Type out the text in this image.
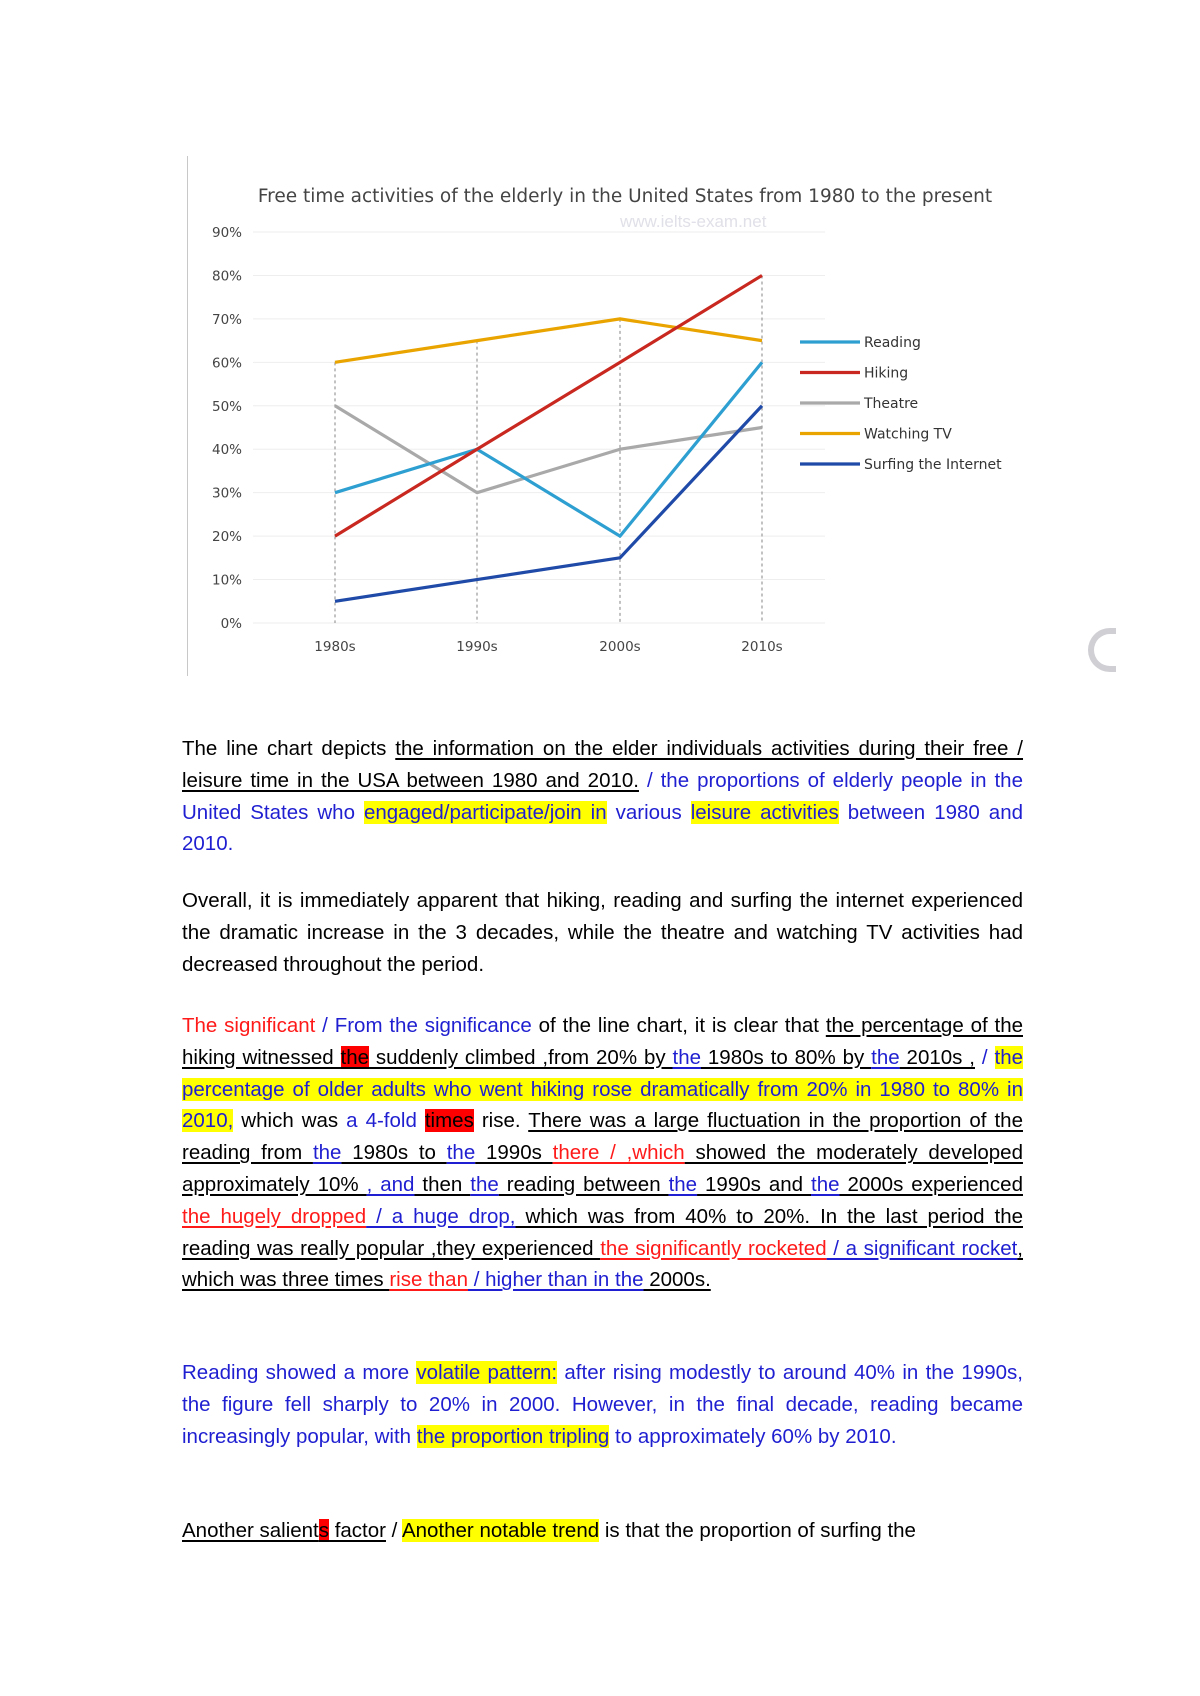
Free time activities of the elderly in the United States from 1980 to the present
90%
80%
70%
60%
50%
40%
30%
20%
10%
0%
1980s	1990s	2000s	2010s
Reading
Hiking
Theatre
Watching TV
Surfing the Internet
www.ielts-exam.net

The line chart depicts the information on the elder individuals activities during their free / leisure time in the USA between 1980 and 2010. / the proportions of elderly people in the United States who engaged/participate/join in various leisure activities between 1980 and 2010.

Overall, it is immediately apparent that hiking, reading and surfing the internet experienced the dramatic increase in the 3 decades, while the theatre and watching TV activities had decreased throughout the period.

The significant / From the significance of the line chart, it is clear that the percentage of the hiking witnessed the suddenly climbed ,from 20% by the 1980s to 80% by the 2010s , / the percentage of older adults who went hiking rose dramatically from 20% in 1980 to 80% in 2010, which was a 4-fold times rise. There was a large fluctuation in the proportion of the reading from the 1980s to the 1990s there / ,which showed the moderately developed approximately 10% , and then the reading between the 1990s and the 2000s experienced the hugely dropped / a huge drop, which was from 40% to 20%. In the last period the reading was really popular ,they experienced the significantly rocketed / a significant rocket, which was three times rise than / higher than in the 2000s.

Reading showed a more volatile pattern: after rising modestly to around 40% in the 1990s, the figure fell sharply to 20% in 2000. However, in the final decade, reading became increasingly popular, with the proportion tripling to approximately 60% by 2010.

Another salients factor / Another notable trend is that the proportion of surfing the
